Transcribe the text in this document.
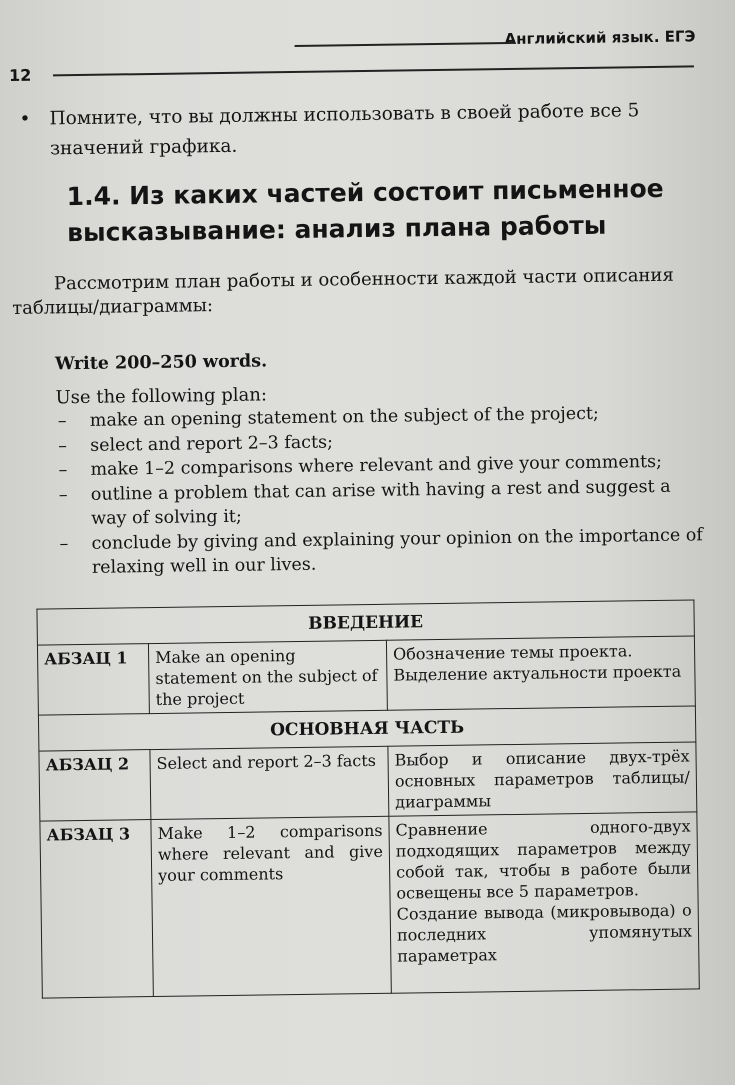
Английский язык. ЕГЭ
12
•	Помните, что вы должны использовать в своей работе все 5 значений графика.
1.4. Из каких частей состоит письменное высказывание: анализ плана работы
Рассмотрим план работы и особенности каждой части описания таблицы/диаграммы:
Write 200–250 words.
Use the following plan:
– make an opening statement on the subject of the project;
– select and report 2–3 facts;
– make 1–2 comparisons where relevant and give your comments;
– outline a problem that can arise with having a rest and suggest a way of solving it;
– conclude by giving and explaining your opinion on the importance of relaxing well in our lives.
ВВЕДЕНИЕ		
АБЗАЦ 1	Make an opening statement on the subject of the project	Обозначение темы проекта.
Выделение актуальности проекта

ОСНОВНАЯ ЧАСТЬ		
АБЗАЦ 2	Select and report 2–3 facts	Выбор и описание двух-трёх основных параметров таблицы/диаграммы

АБЗАЦ 3	Make 1–2 comparisons where relevant and give your comments	Сравнение одного-двух подходящих параметров между собой так, чтобы в работе были освещены все 5 параметров.
Создание вывода (микровывода) о последних упомянутых параметрах
